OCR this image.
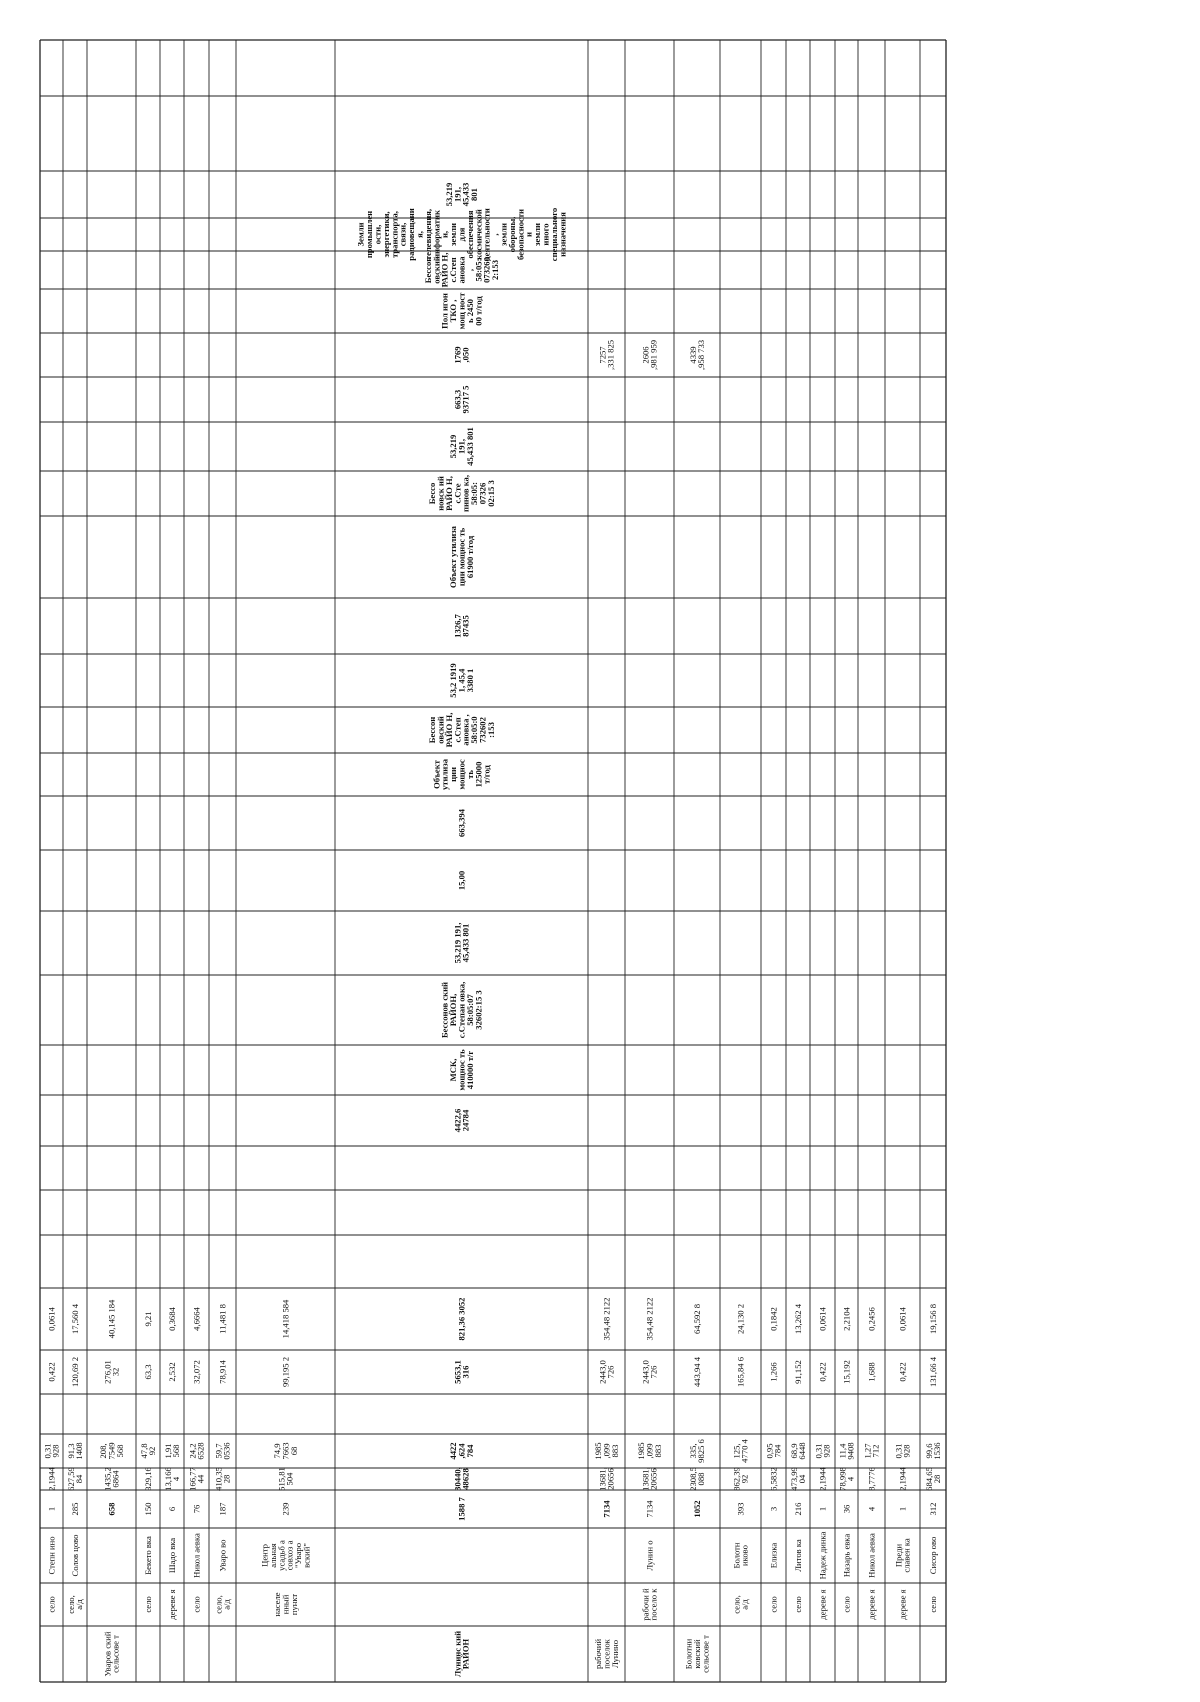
село
Степн ино
1
2,1944
0,31928
0,422
0,0614
село,а/д
Солов цово
285
627,5984
91,31408
120,69 2
17,560 4
Уваров скийсельсове т
658
1435,26864
208,7549568
276,0132
40,145 184
село
Бекето вка
150
329,16
47,892
63,3
9,21
дереве я
Шадо вка
6
13,1664
1,91568
2,532
0,3684
село
Никол аевка
76
166,7744
24,26528
32,072
4,6664
село,а/д
Уваро во
187
410,3528
59,70536
78,914
11,481 8
населенныйпункт
Центральнаяусадьб асовхоз а"Уваровский"
239
515,81504
74,9766368
99,195 2
14,418 584
Лунинс кийРАЙОН
1588 7
30440,48628
4422,624784
5653,1316
821,36 3052
4422,624784
МСК,мощнос ть410000 т/г
Бессонов скийРАЙОН,с.Степан овка,58:05:0732602:15 3
53,219 191,45,433 801
15,00
663,394
Объектутилизациимощность125000т/год
БессоновскийРАЙО Н,с.Степановка ,58:05:0732602:153
53,2 19191, 45,43380 1
1326,787435
Объект утилизации мощнос ть61900 т/год
Бессоновск ийРАЙО Н,с.Степинов ка,58:05:0732602:15 3
53,219191,45,433 801
663,393717 5
1769,050
Пол игонТКО ,мощ ность 245000 т/год
БессоновскийРАЙО Н,с.Степановка,58:05:0732602:153
Землипромышлености,энергетики,транспорта,связи,радиовещания,телевидения,информатики,землидляобеспечениякосмическойдеятельности,землиобороны,безопасностииземлииногоспециальногоназначения
53,219191,45,433801
рабочийпоселокЛунино
7134
13681,20656
1985,099883
2443,0726
354,48 2122
7257,331 825
рабочи йпосело к
Лунин о
7134
13681,20656
1985,099883
2443,0726
354,48 2122
2606,981 959
Болотниковскийсельсове т
1052
2308,5088
335,9825 6
443,94 4
64,592 8
4339,958 733
село,а/д
Болотниково
393
862,3992
125,4770 4
165,84 6
24,130 2
село
Елизка
3
6,5832
0,95784
1,266
0,1842
село
Литов ка
216
473,9904
68,96448
91,152
13,262 4
дереве я
Надеж динка
1
2,1944
0,31928
0,422
0,0614
село
Назарь евка
36
78,9984
11,49408
15,192
2,2104
дереве я
Никол аевка
4
8,7776
1,27712
1,688
0,2456
дереве я
Предиславен ка
1
2,1944
0,31928
0,422
0,0614
село
Сисор ово
312
684,6528
99,61536
131,66 4
19,156 8
